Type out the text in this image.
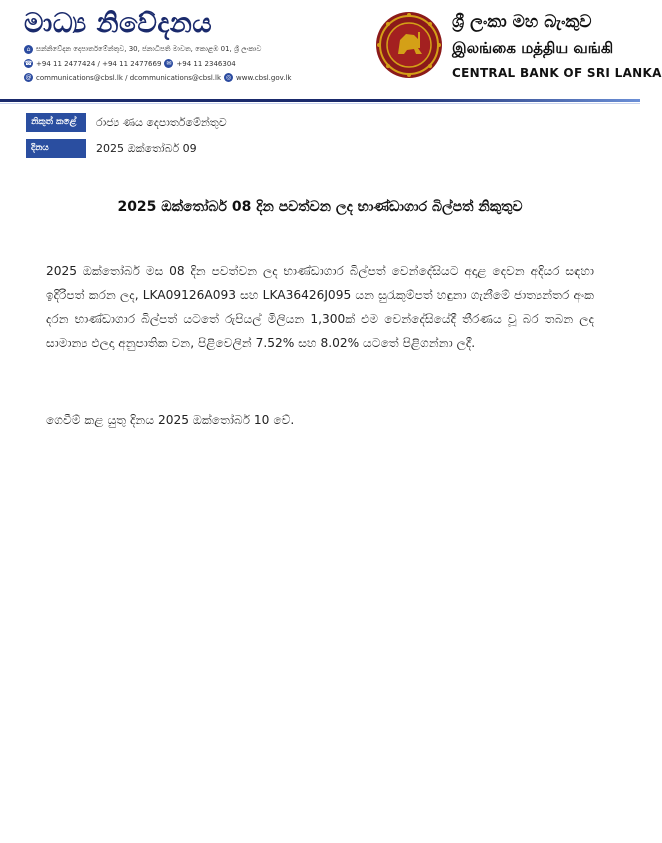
මාධ්‍ය නිවේදනය
⌂ සන්නිවේදන දෙපාර්තමේන්තුව, 30, ජනාධිපති මාවත, කොළඹ 01, ශ්‍රී ලංකාව
☎ +94 11 2477424 / +94 11 2477669 ✉ +94 11 2346304
@ communications@cbsl.lk / dcommunications@cbsl.lk ◎ www.cbsl.gov.lk
ශ්‍රී ලංකා මහ බැංකුව
இலங்கை மத்திய வங்கி
CENTRAL BANK OF SRI LANKA
නිකුත් කළේ	රාජ්‍ය ණය දෙපාර්තමේන්තුව
දිනය	2025 ඔක්තෝබර් 09
2025 ඔක්තෝබර් 08 දින පවත්වන ලද භාණ්ඩාගාර බිල්පත් නිකුතුව
2025 ඔක්තෝබර් මස 08 දින පවත්වන ලද භාණ්ඩාගාර බිල්පත් වෙන්දේසියට අදාළ දෙවන අදියර සඳහා ඉදිරිපත් කරන ලද, LKA09126A093 සහ LKA36426J095 යන සුරැකුම්පත් හඳුනා ගැනීමේ ජාත්‍යන්තර අංක දරන භාණ්ඩාගාර බිල්පත් යටතේ රුපියල් මිලියන 1,300ක් එම වෙන්දේසියේදී තීරණය වූ බර තබන ලද සාමාන්‍ය ඵලදා අනුපාතික වන, පිළිවෙලින් 7.52% සහ 8.02% යටතේ පිළිගන්නා ලදී.
ගෙවීම් කළ යුතු දිනය 2025 ඔක්තෝබර් 10 වේ.
